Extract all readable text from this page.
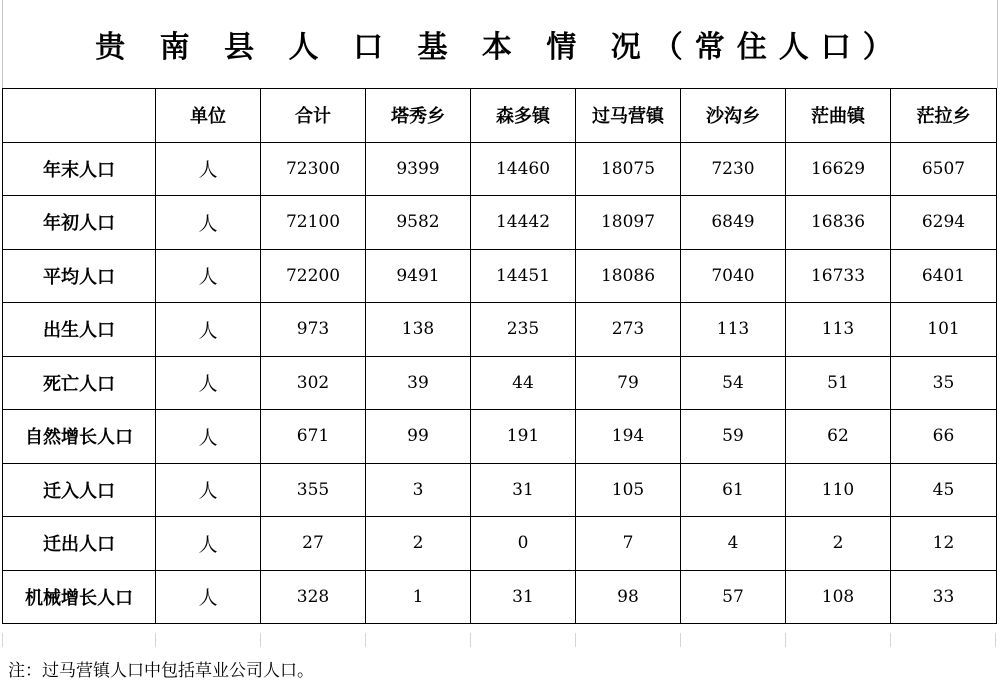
贵 南 县 人 口 基 本 情 况（常住人口）
	单位	合计	塔秀乡	森多镇	过马营镇	沙沟乡	茫曲镇	茫拉乡
年末人口	人	72300	9399	14460	18075	7230	16629	6507
年初人口	人	72100	9582	14442	18097	6849	16836	6294
平均人口	人	72200	9491	14451	18086	7040	16733	6401
出生人口	人	973	138	235	273	113	113	101
死亡人口	人	302	39	44	79	54	51	35
自然增长人口	人	671	99	191	194	59	62	66
迁入人口	人	355	3	31	105	61	110	45
迁出人口	人	27	2	0	7	4	2	12
机械增长人口	人	328	1	31	98	57	108	33
注：过马营镇人口中包括草业公司人口。
